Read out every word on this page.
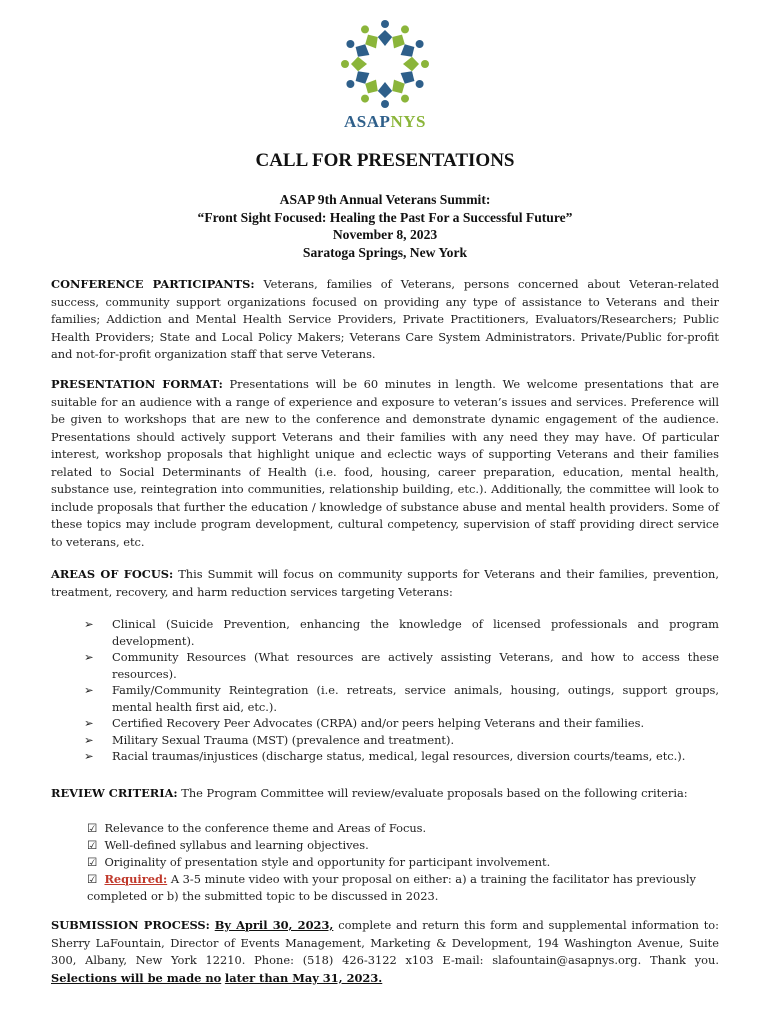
ASAPNYS
CALL FOR PRESENTATIONS
ASAP 9th Annual Veterans Summit:
“Front Sight Focused: Healing the Past For a Successful Future”
November 8, 2023
Saratoga Springs, New York
CONFERENCE PARTICIPANTS: Veterans, families of Veterans, persons concerned about Veteran-related success, community support organizations focused on providing any type of assistance to Veterans and their families; Addiction and Mental Health Service Providers, Private Practitioners, Evaluators/Researchers; Public Health Providers; State and Local Policy Makers; Veterans Care System Administrators. Private/Public for-profit and not-for-profit organization staff that serve Veterans.
PRESENTATION FORMAT: Presentations will be 60 minutes in length. We welcome presentations that are suitable for an audience with a range of experience and exposure to veteran’s issues and services. Preference will be given to workshops that are new to the conference and demonstrate dynamic engagement of the audience. Presentations should actively support Veterans and their families with any need they may have. Of particular interest, workshop proposals that highlight unique and eclectic ways of supporting Veterans and their families related to Social Determinants of Health (i.e. food, housing, career preparation, education, mental health, substance use, reintegration into communities, relationship building, etc.). Additionally, the committee will look to include proposals that further the education / knowledge of substance abuse and mental health providers. Some of these topics may include program development, cultural competency, supervision of staff providing direct service to veterans, etc.
AREAS OF FOCUS: This Summit will focus on community supports for Veterans and their families, prevention, treatment, recovery, and harm reduction services targeting Veterans:
➢	Clinical (Suicide Prevention, enhancing the knowledge of licensed professionals and program development).
➢	Community Resources (What resources are actively assisting Veterans, and how to access these resources).
➢	Family/Community Reintegration (i.e. retreats, service animals, housing, outings, support groups, mental health first aid, etc.).
➢	Certified Recovery Peer Advocates (CRPA) and/or peers helping Veterans and their families.
➢	Military Sexual Trauma (MST) (prevalence and treatment).
➢	Racial traumas/injustices (discharge status, medical, legal resources, diversion courts/teams, etc.).
REVIEW CRITERIA: The Program Committee will review/evaluate proposals based on the following criteria:
☑ Relevance to the conference theme and Areas of Focus.
☑ Well-defined syllabus and learning objectives.
☑ Originality of presentation style and opportunity for participant involvement.
☑ Required: A 3-5 minute video with your proposal on either: a) a training the facilitator has previously completed or b) the submitted topic to be discussed in 2023.
SUBMISSION PROCESS: By April 30, 2023, complete and return this form and supplemental information to: Sherry LaFountain, Director of Events Management, Marketing & Development, 194 Washington Avenue, Suite 300, Albany, New York 12210. Phone: (518) 426-3122 x103 E-mail: slafountain@asapnys.org. Thank you. Selections will be made no later than May 31, 2023.
